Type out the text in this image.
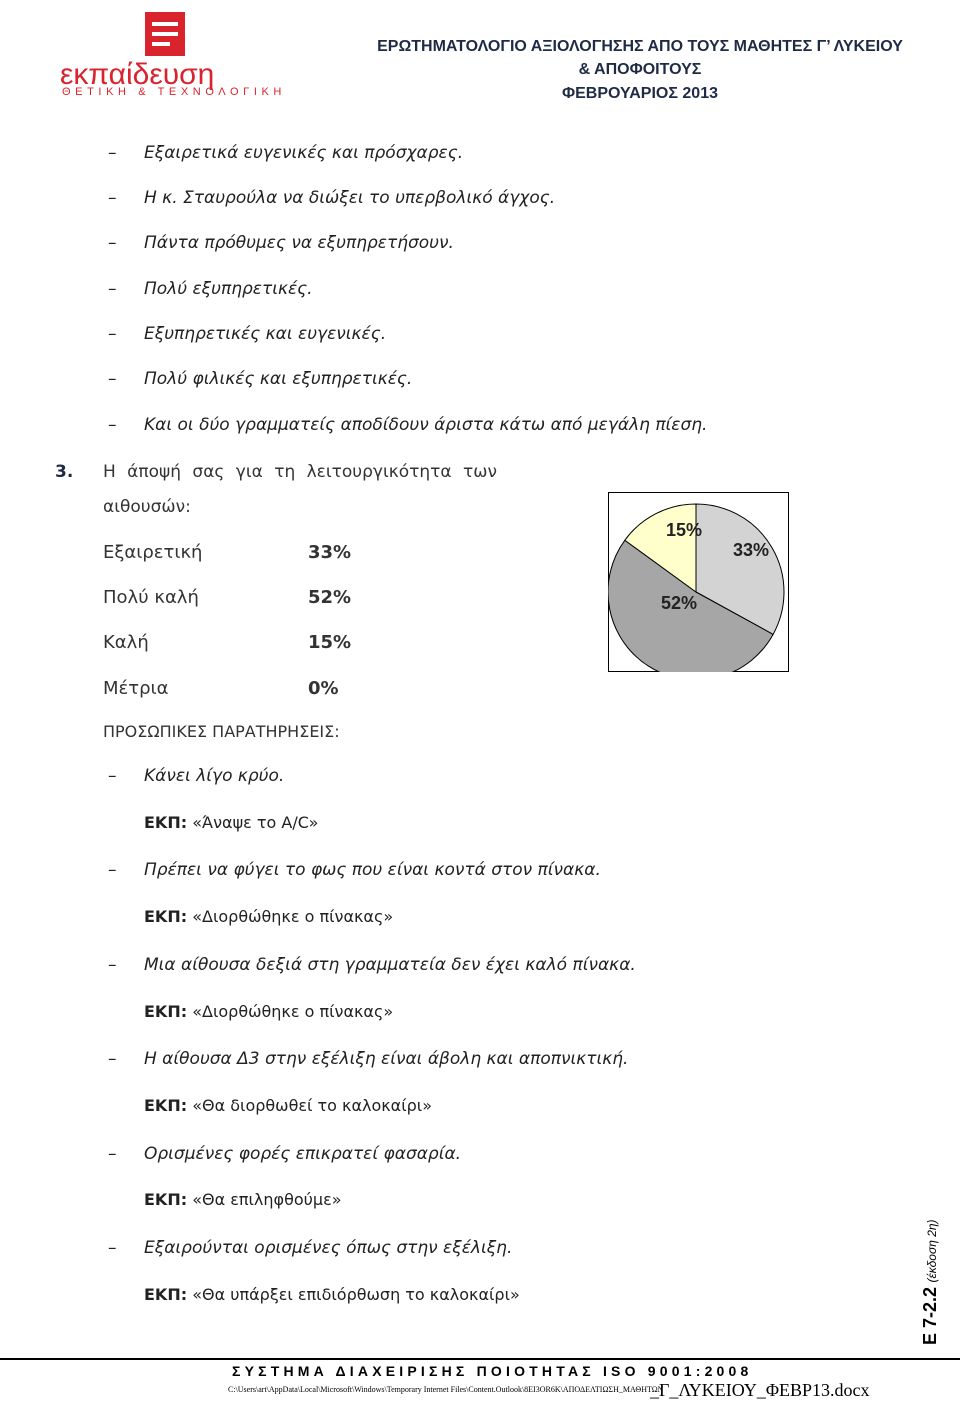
εκπαίδευση
ΘΕΤΙΚΗ & ΤΕΧΝΟΛΟΓΙΚΗ
ΕΡΩΤΗΜΑΤΟΛΟΓΙΟ ΑΞΙΟΛΟΓΗΣΗΣ ΑΠΟ ΤΟΥΣ ΜΑΘΗΤΕΣ Γ’ ΛΥΚΕΙΟΥ
& ΑΠΟΦΟΙΤΟΥΣ
ΦΕΒΡΟΥΑΡΙΟΣ 2013
– Εξαιρετικά ευγενικές και πρόσχαρες.
– Η κ. Σταυρούλα να διώξει το υπερβολικό άγχος.
– Πάντα πρόθυμες να εξυπηρετήσουν.
– Πολύ εξυπηρετικές.
– Εξυπηρετικές και ευγενικές.
– Πολύ φιλικές και εξυπηρετικές.
– Και οι δύο γραμματείς αποδίδουν άριστα κάτω από μεγάλη πίεση.
3. Η άποψή σας για τη λειτουργικότητα των
αιθουσών:
Εξαιρετική	33%
Πολύ καλή	52%
Καλή	15%
Μέτρια	0%
33%
52%
15%
ΠΡΟΣΩΠΙΚΕΣ ΠΑΡΑΤΗΡΗΣΕΙΣ:
– Κάνει λίγο κρύο.
ΕΚΠ: «Άναψε το A/C»
– Πρέπει να φύγει το φως που είναι κοντά στον πίνακα.
ΕΚΠ: «Διορθώθηκε ο πίνακας»
– Μια αίθουσα δεξιά στη γραμματεία δεν έχει καλό πίνακα.
ΕΚΠ: «Διορθώθηκε ο πίνακας»
– Η αίθουσα Δ3 στην εξέλιξη είναι άβολη και αποπνικτική.
ΕΚΠ: «Θα διορθωθεί το καλοκαίρι»
– Ορισμένες φορές επικρατεί φασαρία.
ΕΚΠ: «Θα επιληφθούμε»
– Εξαιρούνται ορισμένες όπως στην εξέλιξη.
ΕΚΠ: «Θα υπάρξει επιδιόρθωση το καλοκαίρι»	Ε 7-2.2 (έκδοση 2η)
ΣΥΣΤΗΜΑ ΔΙΑΧΕΙΡΙΣΗΣ ΠΟΙΟΤΗΤΑΣ ISO 9001:2008
C:\Users\art\AppData\Local\Microsoft\Windows\Temporary Internet Files\Content.Outlook\8EI3OR6K\ΑΠΟΔΕΛΤΙΩΣΗ_ΜΑΘΗΤΩΝ
_Γ_ΛΥΚΕΙΟΥ_ΦΕΒΡ13.docx
